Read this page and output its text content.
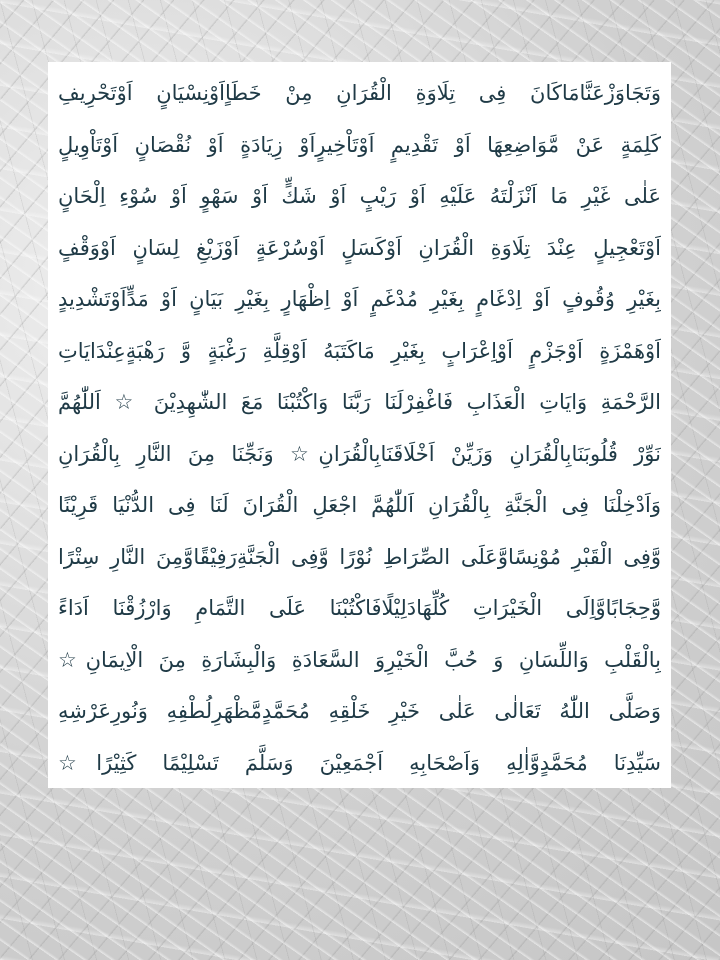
وَتَجَاوَزْعَنَّامَاكَانَ فِى تِلَاوَةِ الْقُرَانِ مِنْ خَطَاٍاَوْنِسْيَانٍ اَوْتَحْرِيفِ
كَلِمَةٍ عَنْ مَّوَاضِعِهَا اَوْ تَقْدِيمٍ اَوْتَاْخِيرٍاَوْ زِيَادَةٍ اَوْ نُقْصَانٍ اَوْتَاْوِيلٍ
عَلٰى غَيْرِ مَا اَنْزَلْتَهُ عَلَيْهِ اَوْ رَيْبٍ اَوْ شَكٍّ اَوْ سَهْوٍ اَوْ سُوْءِ اِلْحَانٍ
اَوْتَعْجِيلٍ عِنْدَ تِلَاوَةِ الْقُرَانِ اَوْكَسَلٍ اَوْسُرْعَةٍ اَوْزَيْغِ لِسَانٍ اَوْوَقْفٍ
بِغَيْرِ وُقُوفٍ اَوْ اِدْغَامٍ بِغَيْرِ مُدْغَمٍ اَوْ اِظْهَارٍ بِغَيْرِ بَيَانٍ اَوْ مَدٍّاَوْتَشْدِيدٍ
اَوْهَمْزَةٍ اَوْجَزْمٍ اَوْاِعْرَابٍ بِغَيْرِ مَاكَتَبَهُ اَوْقِلَّةِ رَغْبَةٍ وَّ رَهْبَةٍعِنْدَايَاتِ
الرَّحْمَةِ وَايَاتِ الْعَذَابِ فَاغْفِرْلَنَا رَبَّنَا وَاكْتُبْنَا مَعَ الشّٰهِدِيْنَ ☆ اَللّٰهُمَّ
نَوِّرْ قُلُوبَنَابِالْقُرَانِ وَزَيِّنْ اَخْلَاقَنَابِالْقُرَانِ☆ وَنَجِّنَا مِنَ النَّارِ بِالْقُرَانِ
وَاَدْخِلْنَا فِى الْجَنَّةِ بِالْقُرَانِ اَللّٰهُمَّ اجْعَلِ الْقُرَانَ لَنَا فِى الدُّنْيَا قَرِيْنًا
وَّفِى الْقَبْرِ مُوْنِسًاوَّعَلَى الصِّرَاطِ نُوْرًا وَّفِى الْجَنَّةِرَفِيْقًاوَّمِنَ النَّارِ سِتْرًا
وَّحِجَابًاوَّاِلَى الْخَيْرَاتِ كُلِّهَادَلِيْلًافَاكْتُبْنَا عَلَى التَّمَامِ وَارْزُقْنَا اَدَاءً
بِالْقَلْبِ وَاللِّسَانِ وَ حُبَّ الْخَيْرِوَ السَّعَادَةِ وَالْبِشَارَةِ مِنَ الْاِيمَانِ☆
وَصَلَّى اللّٰهُ تَعَالٰى عَلٰى خَيْرِ خَلْقِهِ مُحَمَّدٍمَّظْهَرِلُطْفِهِ وَنُورِعَرْشِهِ
سَيِّدِنَا مُحَمَّدٍوَّاٰلِهِ وَاَصْحَابِهِ اَجْمَعِيْنَ وَسَلَّمَ تَسْلِيْمًا كَثِيْرًا☆
